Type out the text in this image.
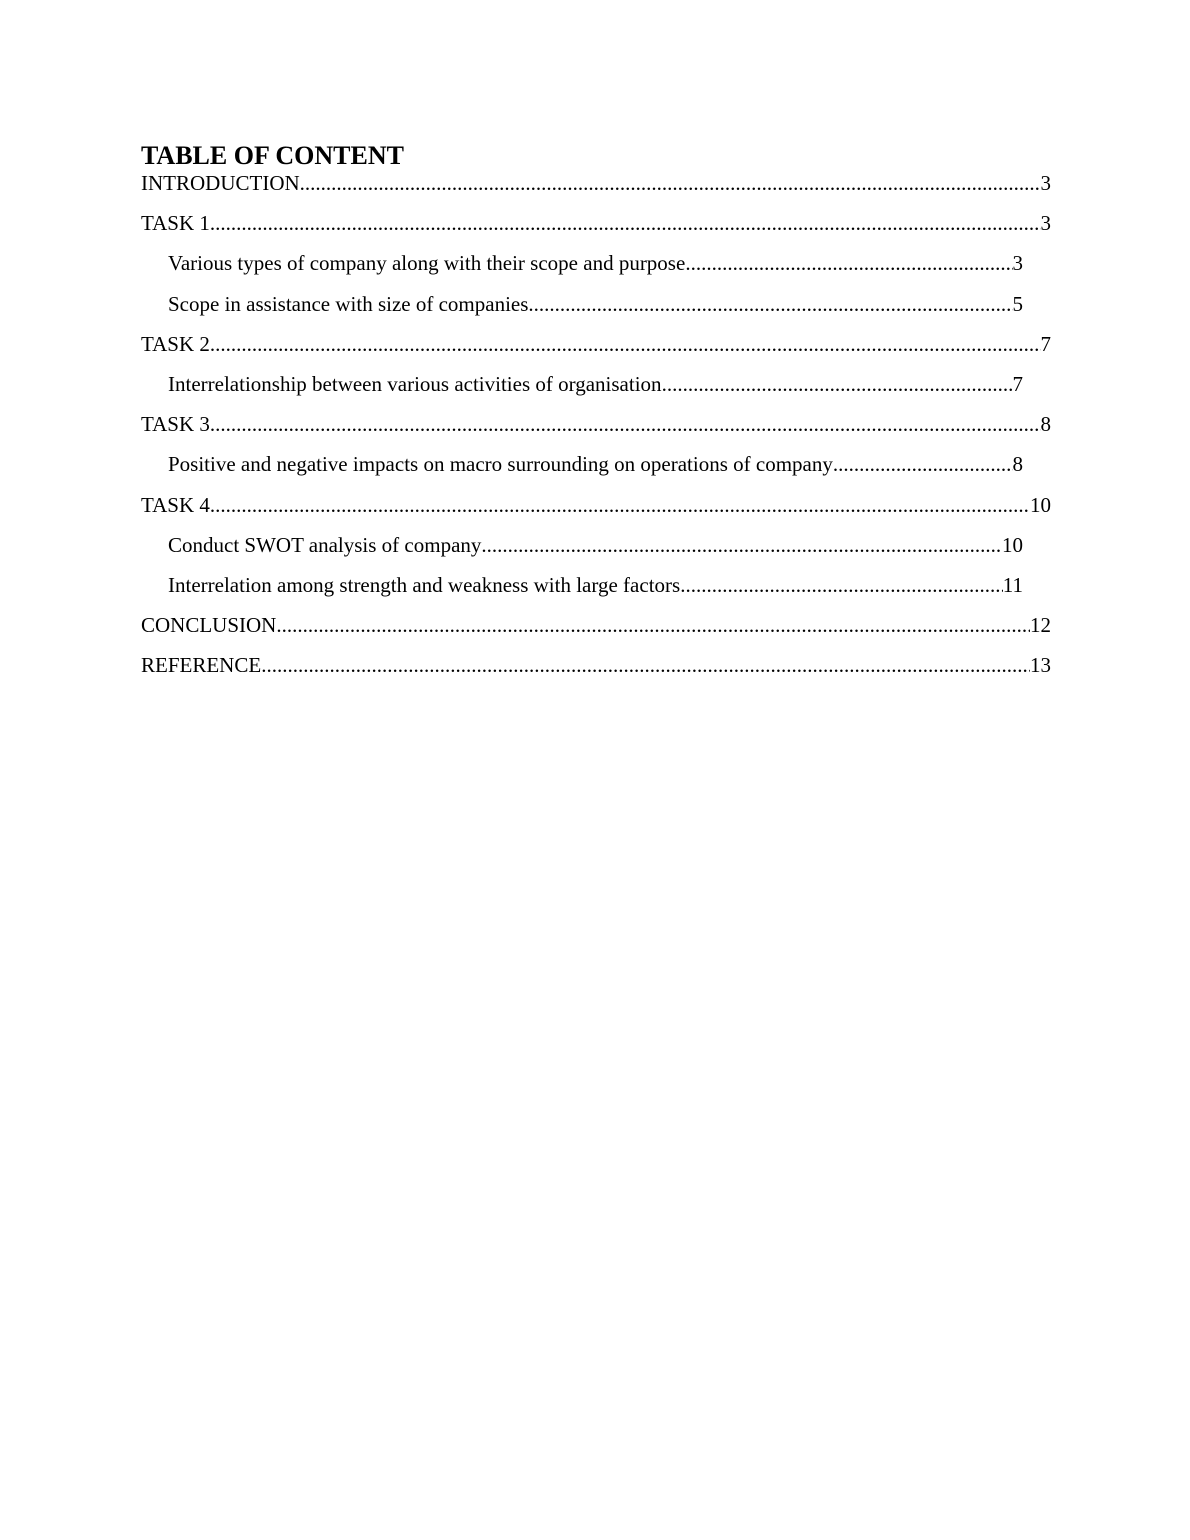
TABLE OF CONTENT
INTRODUCTION .....	3
TASK 1 .....	3
Various types of company along with their scope and purpose .....	3
Scope in assistance with size of companies .....	5
TASK 2 .....	7
Interrelationship between various activities of organisation .....	7
TASK 3 .....	8
Positive and negative impacts on macro surrounding on operations of company .....	8
TASK 4 .....	10
Conduct SWOT analysis of company .....	10
Interrelation among strength and weakness with large factors .....	11
CONCLUSION .....	12
REFERENCE .....	13
